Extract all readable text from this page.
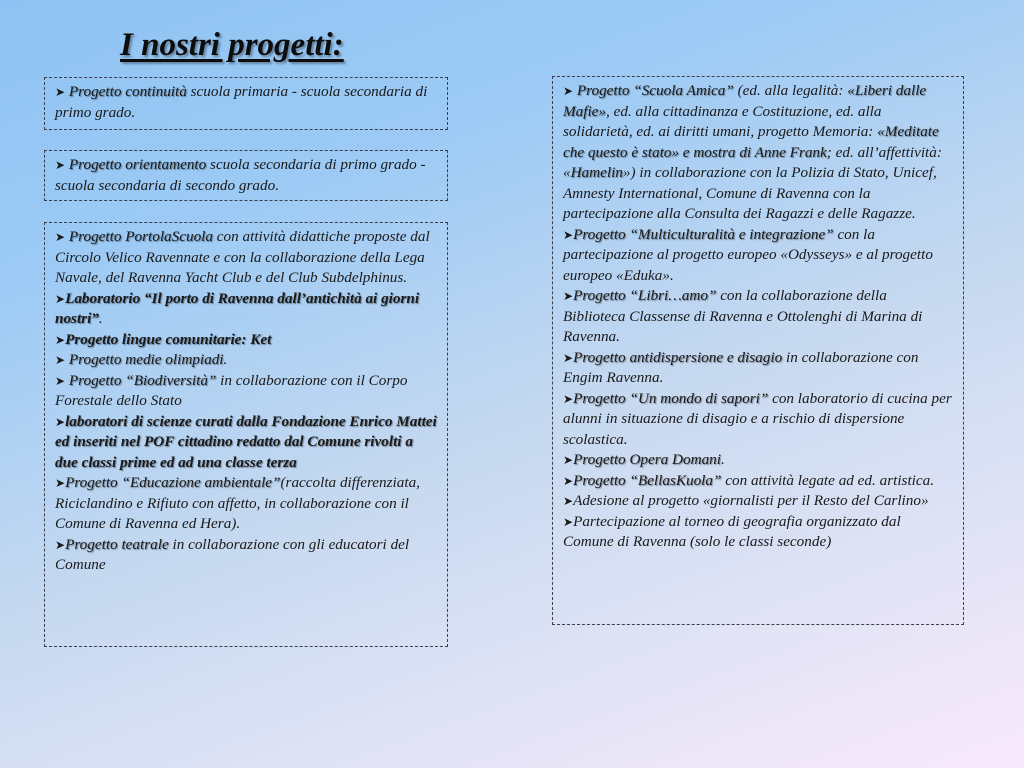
I nostri progetti:

➤ Progetto continuità scuola primaria - scuola secondaria di primo grado.

➤ Progetto orientamento scuola secondaria di primo grado - scuola secondaria di secondo grado.

➤ Progetto PortolaScuola con attività didattiche proposte dal Circolo Velico Ravennate e con la collaborazione della Lega Navale, del Ravenna Yacht Club e del Club Subdelphinus.

➤Laboratorio “Il porto di Ravenna dall’antichità ai giorni nostri”.

➤Progetto lingue comunitarie: Ket

➤ Progetto medie olimpiadi.

➤ Progetto “Biodiversità” in collaborazione con il Corpo Forestale dello Stato

➤laboratori di scienze curati dalla Fondazione Enrico Mattei ed inseriti nel POF cittadino redatto dal Comune rivolti a due classi prime ed ad una classe terza

➤Progetto “Educazione ambientale”(raccolta differenziata, Riciclandino e Rifiuto con affetto, in collaborazione con il Comune di Ravenna ed Hera).

➤Progetto teatrale in collaborazione con gli educatori del Comune

➤ Progetto “Scuola Amica” (ed. alla legalità: «Liberi dalle Mafie», ed. alla cittadinanza e Costituzione, ed. alla solidarietà, ed. ai diritti umani, progetto Memoria: «Meditate che questo è stato» e mostra di Anne Frank; ed. all’affettività: «Hamelin») in collaborazione con la Polizia di Stato, Unicef, Amnesty International, Comune di Ravenna con la partecipazione alla Consulta dei Ragazzi e delle Ragazze.

➤Progetto “Multiculturalità e integrazione” con la partecipazione al progetto europeo «Odysseys» e al progetto europeo «Eduka».

➤Progetto “Libri…amo” con la collaborazione della Biblioteca Classense di Ravenna e Ottolenghi di Marina di Ravenna.

➤Progetto antidispersione e disagio in collaborazione con Engim Ravenna.

➤Progetto “Un mondo di sapori” con laboratorio di cucina per alunni in situazione di disagio e a rischio di dispersione scolastica.

➤Progetto Opera Domani.

➤Progetto “BellasKuola” con attività legate ad ed. artistica.

➤Adesione al progetto «giornalisti per il Resto del Carlino»

➤Partecipazione al torneo di geografia organizzato dal Comune di Ravenna (solo le classi seconde)
